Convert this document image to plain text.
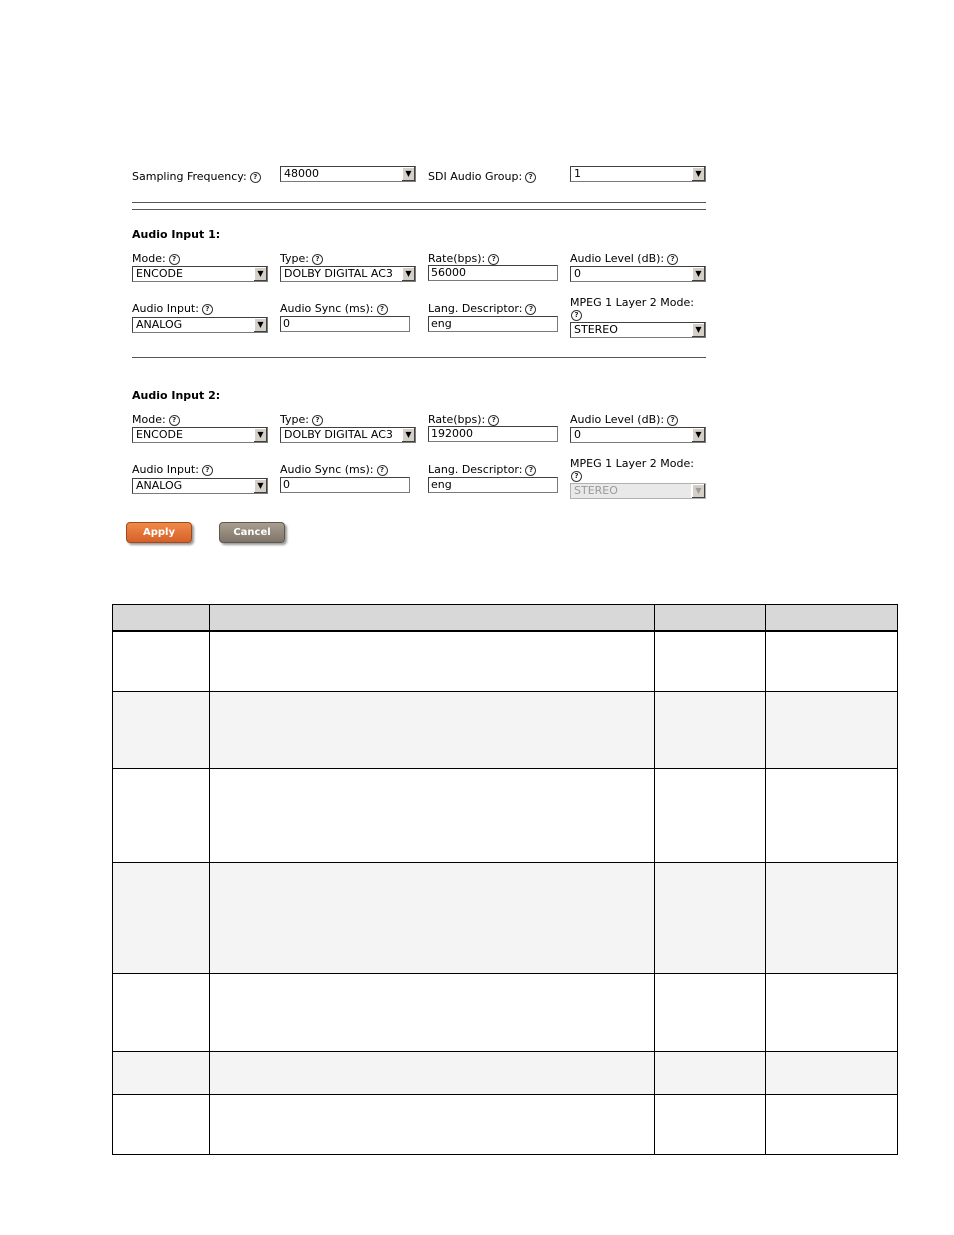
Sampling Frequency: ?	48000	▼	SDI Audio Group: ?	1	▼
Audio Input 1:
Mode: ?
ENCODE	▼
Type: ?
DOLBY DIGITAL AC3	▼
Rate(bps): ?
56000
Audio Level (dB): ?
0	▼
Audio Input: ?
ANALOG	▼
Audio Sync (ms): ?
0
Lang. Descriptor: ?
eng
MPEG 1 Layer 2 Mode:
?
STEREO	▼
Audio Input 2:
Mode: ?
ENCODE	▼
Type: ?
DOLBY DIGITAL AC3	▼
Rate(bps): ?
192000
Audio Level (dB): ?
0	▼
Audio Input: ?
ANALOG	▼
Audio Sync (ms): ?
0
Lang. Descriptor: ?
eng
MPEG 1 Layer 2 Mode:
?
STEREO	▼
Apply	Cancel
